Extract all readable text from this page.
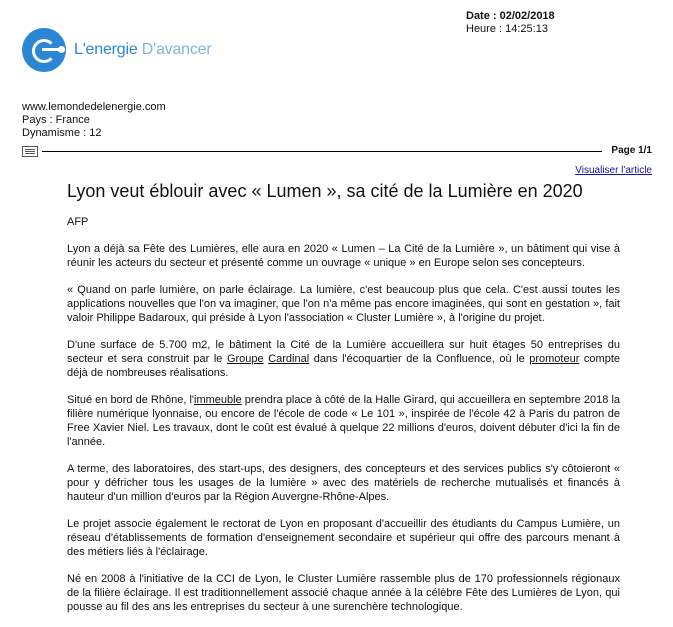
Date : 02/02/2018
Heure : 14:25:13
L'energie D'avancer
www.lemondedelenergie.com
Pays : France
Dynamisme : 12
Page 1/1
Visualiser l'article
Lyon veut éblouir avec « Lumen », sa cité de la Lumière en 2020

AFP

Lyon a déjà sa Fête des Lumières, elle aura en 2020 « Lumen – La Cité de la Lumière », un bâtiment qui vise à réunir les acteurs du secteur et présenté comme un ouvrage « unique » en Europe selon ses concepteurs.

« Quand on parle lumière, on parle éclairage. La lumière, c'est beaucoup plus que cela. C'est aussi toutes les applications nouvelles que l'on va imaginer, que l'on n'a même pas encore imaginées, qui sont en gestation », fait valoir Philippe Badaroux, qui préside à Lyon l'association « Cluster Lumière », à l'origine du projet.

D'une surface de 5.700 m2, le bâtiment la Cité de la Lumière accueillera sur huit étages 50 entreprises du secteur et sera construit par le Groupe Cardinal dans l'écoquartier de la Confluence, où le promoteur compte déjà de nombreuses réalisations.

Situé en bord de Rhône, l'immeuble prendra place à côté de la Halle Girard, qui accueillera en septembre 2018 la filière numérique lyonnaise, ou encore de l'école de code « Le 101 », inspirée de l'école 42 à Paris du patron de Free Xavier Niel. Les travaux, dont le coût est évalué à quelque 22 millions d'euros, doivent débuter d'ici la fin de l'année.

A terme, des laboratoires, des start-ups, des designers, des concepteurs et des services publics s'y côtoieront « pour y défricher tous les usages de la lumière » avec des matériels de recherche mutualisés et financés à hauteur d'un million d'euros par la Région Auvergne-Rhône-Alpes.

Le projet associe également le rectorat de Lyon en proposant d'accueillir des étudiants du Campus Lumière, un réseau d'établissements de formation d'enseignement secondaire et supérieur qui offre des parcours menant à des métiers liés à l'éclairage.

Né en 2008 à l'initiative de la CCI de Lyon, le Cluster Lumière rassemble plus de 170 professionnels régionaux de la filière éclairage. Il est traditionnellement associé chaque année à la célèbre Fête des Lumières de Lyon, qui pousse au fil des ans les entreprises du secteur à une surenchère technologique.
